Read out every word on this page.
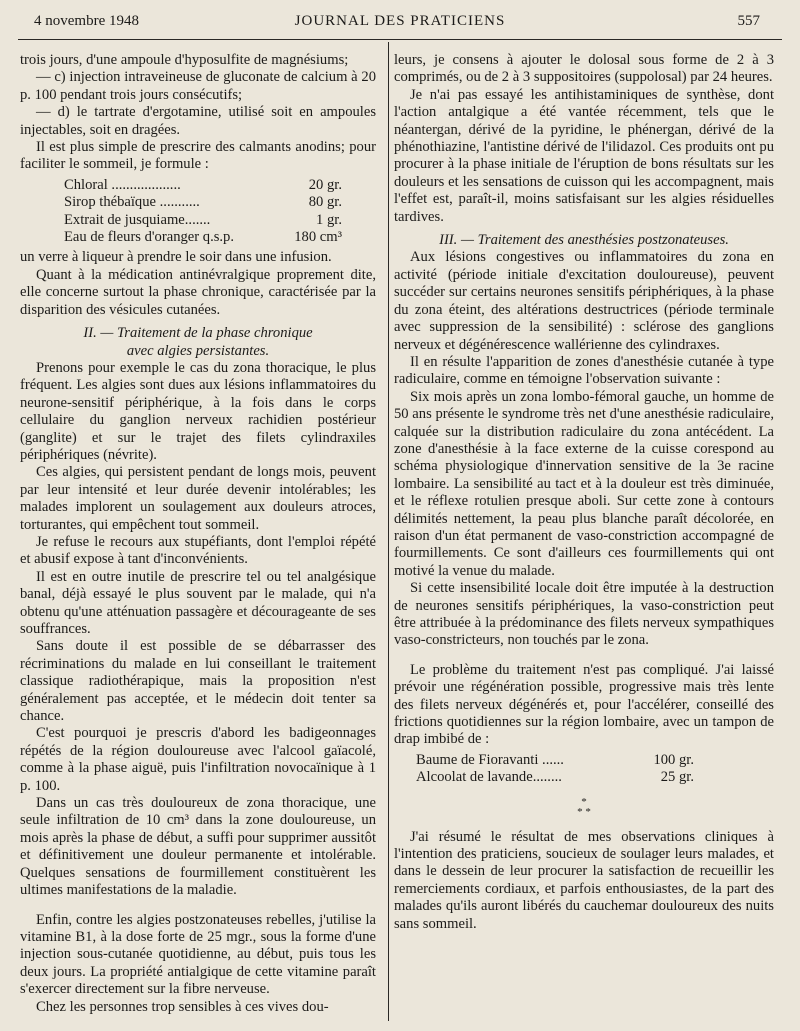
4 novembre 1948	JOURNAL DES PRATICIENS	557

trois jours, d'une ampoule d'hyposulfite de magnésiums;

— c) injection intraveineuse de gluconate de calcium à 20 p. 100 pendant trois jours consécutifs;

— d) le tartrate d'ergotamine, utilisé soit en ampoules injectables, soit en dragées.

Il est plus simple de prescrire des calmants anodins; pour faciliter le sommeil, je formule :

Chloral ...................	20 gr.
Sirop thébaïque ...........	80 gr.
Extrait de jusquiame.......	1 gr.
Eau de fleurs d'oranger q.s.p.	180 cm³

un verre à liqueur à prendre le soir dans une infusion.

Quant à la médication antinévralgique proprement dite, elle concerne surtout la phase chronique, caractérisée par la disparition des vésicules cutanées.

II. — Traitement de la phase chronique

avec algies persistantes.

Prenons pour exemple le cas du zona thoracique, le plus fréquent. Les algies sont dues aux lésions inflammatoires du neurone-sensitif périphérique, à la fois dans le corps cellulaire du ganglion nerveux rachidien postérieur (ganglite) et sur le trajet des filets cylindraxiles périphériques (névrite).

Ces algies, qui persistent pendant de longs mois, peuvent par leur intensité et leur durée devenir intolérables; les malades implorent un soulagement aux douleurs atroces, torturantes, qui empêchent tout sommeil.

Je refuse le recours aux stupéfiants, dont l'emploi répété et abusif expose à tant d'inconvénients.

Il est en outre inutile de prescrire tel ou tel analgésique banal, déjà essayé le plus souvent par le malade, qui n'a obtenu qu'une atténuation passagère et décourageante de ses souffrances.

Sans doute il est possible de se débarrasser des récriminations du malade en lui conseillant le traitement classique radiothérapique, mais la proposition n'est généralement pas acceptée, et le médecin doit tenter sa chance.

C'est pourquoi je prescris d'abord les badigeonnages répétés de la région douloureuse avec l'alcool gaïacolé, comme à la phase aiguë, puis l'infiltration novocaïnique à 1 p. 100.

Dans un cas très douloureux de zona thoracique, une seule infiltration de 10 cm³ dans la zone douloureuse, un mois après la phase de début, a suffi pour supprimer aussitôt et définitivement une douleur permanente et intolérable. Quelques sensations de fourmillement constituèrent les ultimes manifestations de la maladie.

Enfin, contre les algies postzonateuses rebelles, j'utilise la vitamine B1, à la dose forte de 25 mgr., sous la forme d'une injection sous-cutanée quotidienne, au début, puis tous les deux jours. La propriété antialgique de cette vitamine paraît s'exercer directement sur la fibre nerveuse.

Chez les personnes trop sensibles à ces vives dou-

leurs, je consens à ajouter le dolosal sous forme de 2 à 3 comprimés, ou de 2 à 3 suppositoires (suppolosal) par 24 heures.

Je n'ai pas essayé les antihistaminiques de synthèse, dont l'action antalgique a été vantée récemment, tels que le néantergan, dérivé de la pyridine, le phénergan, dérivé de la phénothiazine, l'antistine dérivé de l'ilidazol. Ces produits ont pu procurer à la phase initiale de l'éruption de bons résultats sur les douleurs et les sensations de cuisson qui les accompagnent, mais l'effet est, paraît-il, moins satisfaisant sur les algies résiduelles tardives.

III. — Traitement des anesthésies postzonateuses.

Aux lésions congestives ou inflammatoires du zona en activité (période initiale d'excitation douloureuse), peuvent succéder sur certains neurones sensitifs périphériques, à la phase du zona éteint, des altérations destructrices (période terminale avec suppression de la sensibilité) : sclérose des ganglions nerveux et dégénérescence wallérienne des cylindraxes.

Il en résulte l'apparition de zones d'anesthésie cutanée à type radiculaire, comme en témoigne l'observation suivante :

Six mois après un zona lombo-fémoral gauche, un homme de 50 ans présente le syndrome très net d'une anesthésie radiculaire, calquée sur la distribution radiculaire du zona antécédent. La zone d'anesthésie à la face externe de la cuisse corespond au schéma physiologique d'innervation sensitive de la 3e racine lombaire. La sensibilité au tact et à la douleur est très diminuée, et le réflexe rotulien presque aboli. Sur cette zone à contours délimités nettement, la peau plus blanche paraît décolorée, en raison d'un état permanent de vaso-constriction accompagné de fourmillements. Ce sont d'ailleurs ces fourmillements qui ont motivé la venue du malade.

Si cette insensibilité locale doit être imputée à la destruction de neurones sensitifs périphériques, la vaso-constriction peut être attribuée à la prédominance des filets nerveux sympathiques vaso-constricteurs, non touchés par le zona.

Le problème du traitement n'est pas compliqué. J'ai laissé prévoir une régénération possible, progressive mais très lente des filets nerveux dégénérés et, pour l'accélérer, conseillé des frictions quotidiennes sur la région lombaire, avec un tampon de drap imbibé de :

Baume de Fioravanti ......	100 gr.
Alcoolat de lavande........	25 gr.
*
* *

J'ai résumé le résultat de mes observations cliniques à l'intention des praticiens, soucieux de soulager leurs malades, et dans le dessein de leur procurer la satisfaction de recueillir les remerciements cordiaux, et parfois enthousiastes, de la part des malades qu'ils auront libérés du cauchemar douloureux des nuits sans sommeil.
